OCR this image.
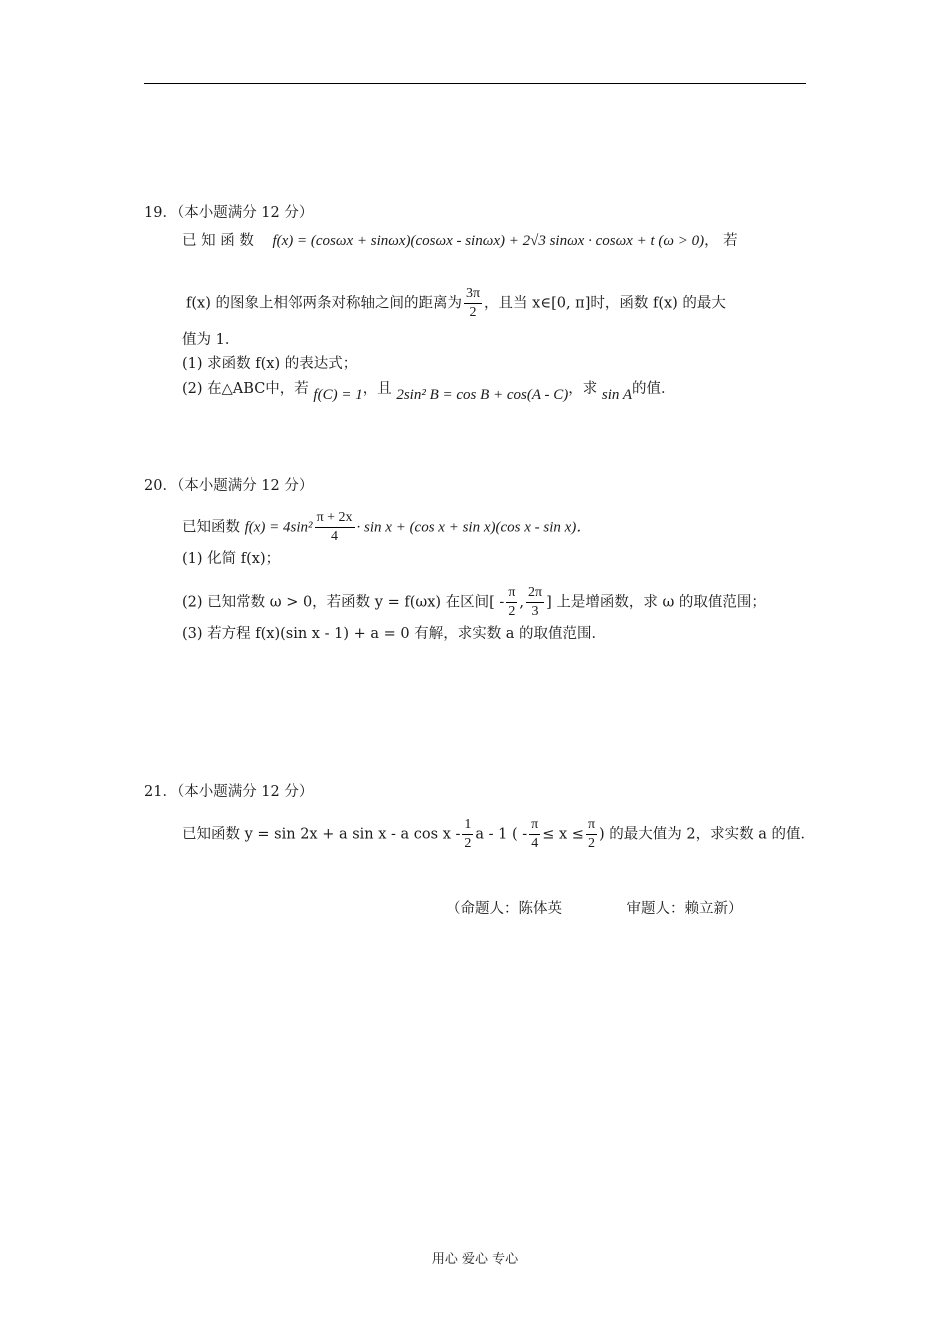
19．（本小题满分 12 分）
已 知 函 数 f(x) = (cosωx + sinωx)(cosωx - sinωx) + 2√3 sinωx · cosωx + t (ω > 0)， 若
f(x) 的图象上相邻两条对称轴之间的距离为 $\frac{3\pi}{2}$ ，且当 x∈[0, π]时，函数 f(x) 的最大
值为 1．
(1) 求函数 f(x) 的表达式；
(2) 在△ABC中，若 f(C) = 1，且 2sin² B = cos B + cos(A - C)，求 sin A的值．
20．（本小题满分 12 分）
已知函数 $f(x) = 4\sin^2 \frac{\pi + 2x}{4} \cdot \sin x + (\cos$ x + sin x)(cos x - sin x)．
(1) 化简 f(x)；
(2) 已知常数 ω > 0，若函数 y = f(ωx) 在区间[ - $\frac{\pi}{2}$ , $\frac{2\pi}{3}$ ] 上是增函数，求 ω 的取值范围；
(3) 若方程 f(x)(sin x - 1) + a = 0 有解，求实数 a 的取值范围．
21．（本小题满分 12 分）
已知函数 y = sin 2x + a sin x - a cos x - $\frac{1}{2}$ a - 1 ( - $\frac{\pi}{4} \le x \le \frac{\pi}{2}$ ) 的最大值为 2，求实数 a 的值．
（命题人：陈体英              审题人：赖立新）
用心 爱心 专心
